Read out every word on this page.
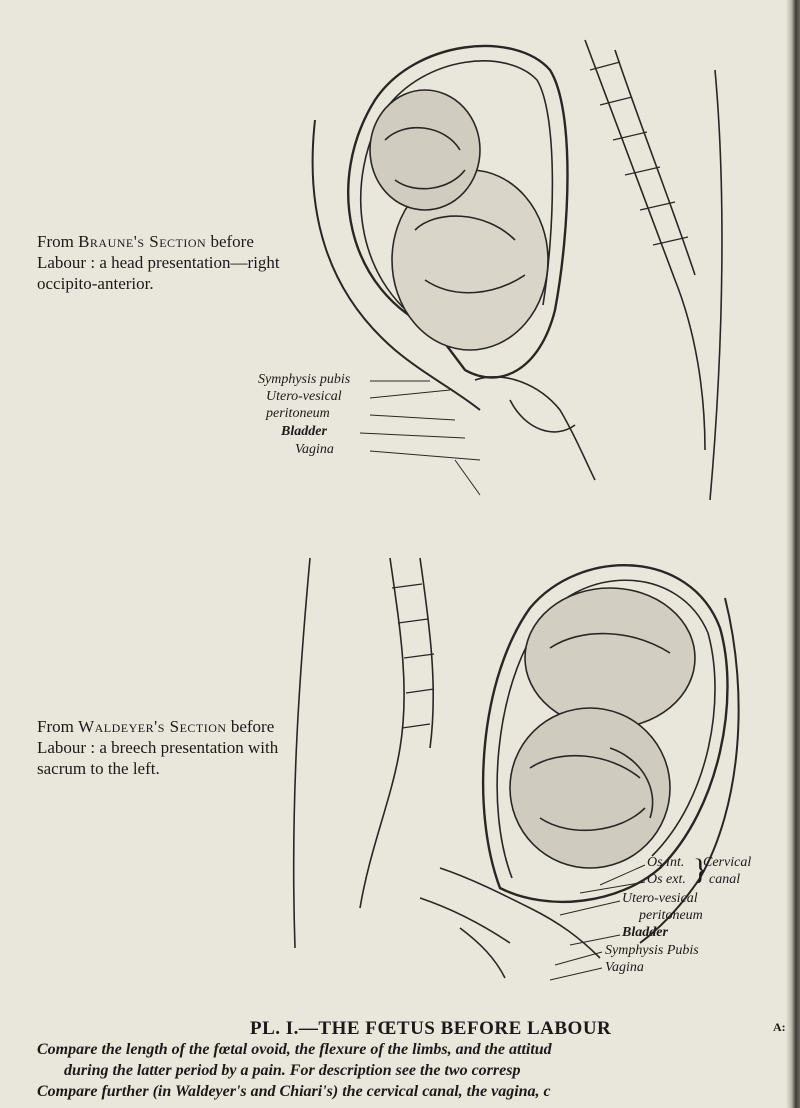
From Braune's Section before Labour : a head presentation—right occipito-anterior.
Symphysis pubis
Utero-vesical
peritoneum
Bladder
Vagina
From Waldeyer's Section before Labour : a breech presentation with sacrum to the left.
Os int.
Os ext.
Cervical
canal
}
Utero-vesical
peritoneum
Bladder
Symphysis Pubis
Vagina
PL. I.—THE FŒTUS BEFORE LABOUR	A:
Compare the length of the fœtal ovoid, the flexure of the limbs, and the attitud
during the latter period by a pain. For description see the two corresp
Compare further (in Waldeyer's and Chiari's) the cervical canal, the vagina, c
